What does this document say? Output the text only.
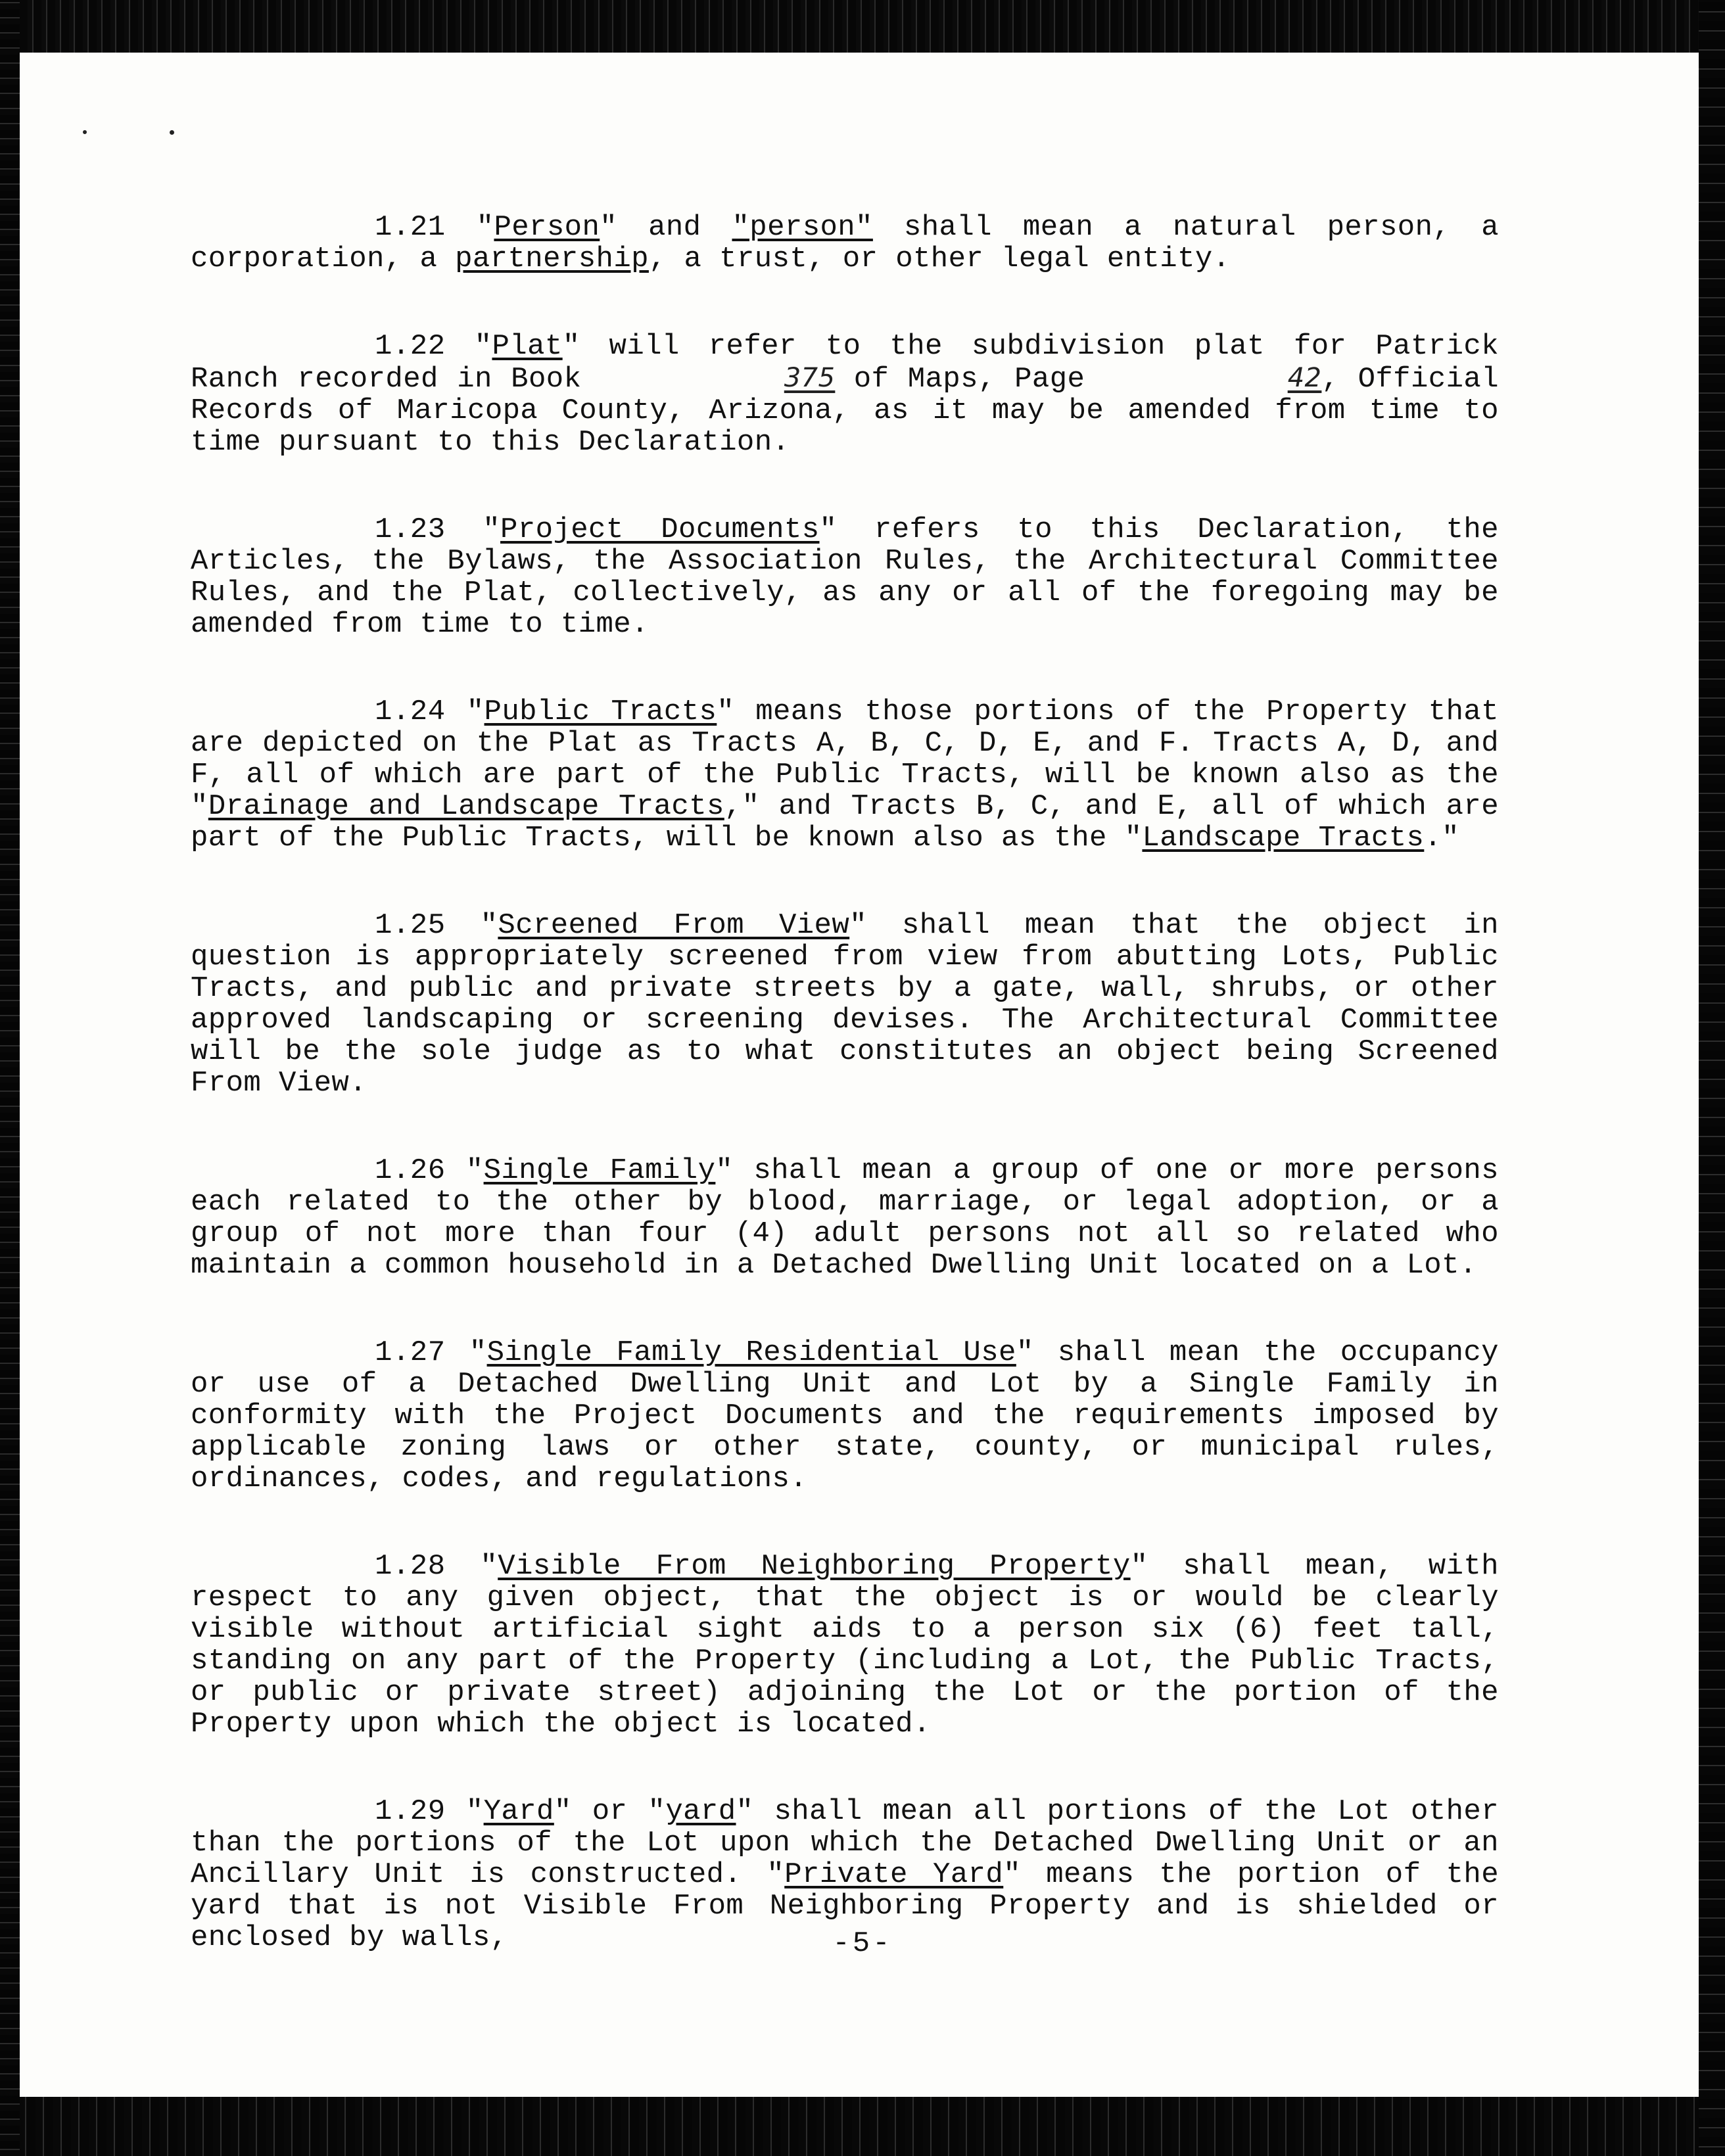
1.21 "Person" and "person" shall mean a natural person, a corporation, a partnership, a trust, or other legal entity.

1.22 "Plat" will refer to the subdivision plat for Patrick Ranch recorded in Book	375 of Maps, Page	42, Official Records of Maricopa County, Arizona, as it may be amended from time to time pursuant to this Declaration.

1.23 "Project Documents" refers to this Declaration, the Articles, the Bylaws, the Association Rules, the Architectural Committee Rules, and the Plat, collectively, as any or all of the foregoing may be amended from time to time.

1.24 "Public Tracts" means those portions of the Property that are depicted on the Plat as Tracts A, B, C, D, E, and F. Tracts A, D, and F, all of which are part of the Public Tracts, will be known also as the "Drainage and Landscape Tracts," and Tracts B, C, and E, all of which are part of the Public Tracts, will be known also as the "Landscape Tracts."

1.25 "Screened From View" shall mean that the object in question is appropriately screened from view from abutting Lots, Public Tracts, and public and private streets by a gate, wall, shrubs, or other approved landscaping or screening devises. The Architectural Committee will be the sole judge as to what constitutes an object being Screened From View.

1.26 "Single Family" shall mean a group of one or more persons each related to the other by blood, marriage, or legal adoption, or a group of not more than four (4) adult persons not all so related who maintain a common household in a Detached Dwelling Unit located on a Lot.

1.27 "Single Family Residential Use" shall mean the occupancy or use of a Detached Dwelling Unit and Lot by a Single Family in conformity with the Project Documents and the requirements imposed by applicable zoning laws or other state, county, or municipal rules, ordinances, codes, and regulations.

1.28 "Visible From Neighboring Property" shall mean, with respect to any given object, that the object is or would be clearly visible without artificial sight aids to a person six (6) feet tall, standing on any part of the Property (including a Lot, the Public Tracts, or public or private street) adjoining the Lot or the portion of the Property upon which the object is located.

1.29 "Yard" or "yard" shall mean all portions of the Lot other than the portions of the Lot upon which the Detached Dwelling Unit or an Ancillary Unit is constructed. "Private Yard" means the portion of the yard that is not Visible From Neighboring Property and is shielded or enclosed by walls,	-5-
